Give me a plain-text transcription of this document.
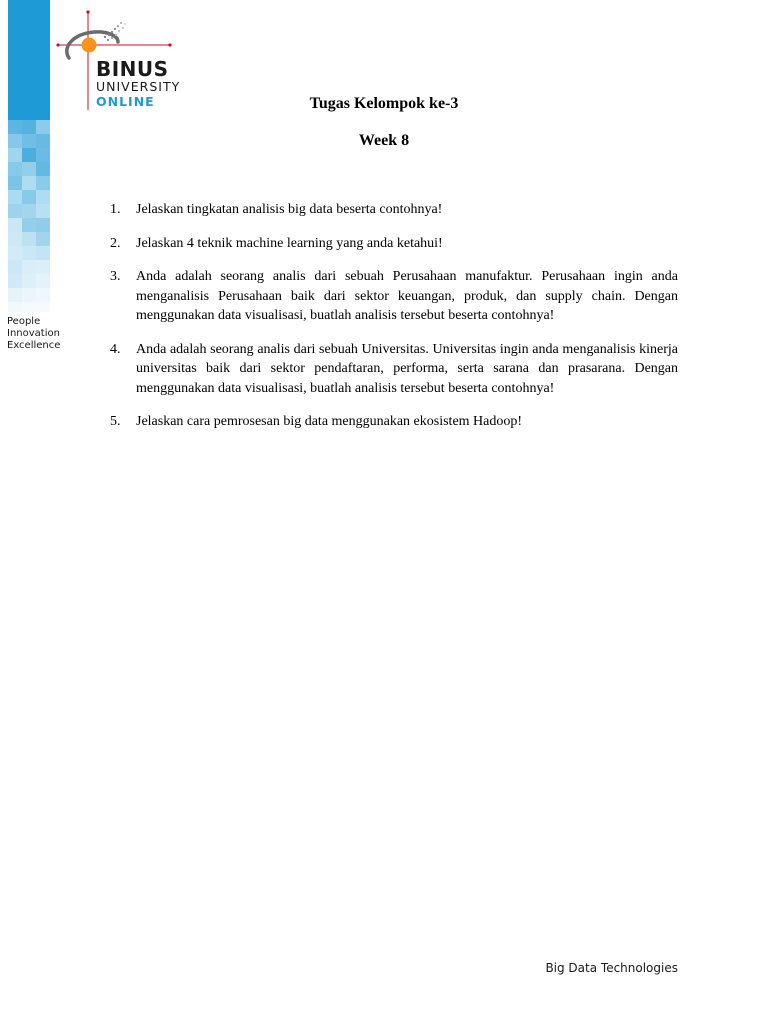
People
Innovation
Excellence
BINUS
UNIVERSITY
ONLINE	Tugas Kelompok ke-3
Week 8
1. Jelaskan tingkatan analisis big data beserta contohnya!
2. Jelaskan 4 teknik machine learning yang anda ketahui!
3. Anda adalah seorang analis dari sebuah Perusahaan manufaktur. Perusahaan ingin anda menganalisis Perusahaan baik dari sektor keuangan, produk, dan supply chain. Dengan menggunakan data visualisasi, buatlah analisis tersebut beserta contohnya!
4. Anda adalah seorang analis dari sebuah Universitas. Universitas ingin anda menganalisis kinerja universitas baik dari sektor pendaftaran, performa, serta sarana dan prasarana. Dengan menggunakan data visualisasi, buatlah analisis tersebut beserta contohnya!
5. Jelaskan cara pemrosesan big data menggunakan ekosistem Hadoop!
Big Data Technologies
